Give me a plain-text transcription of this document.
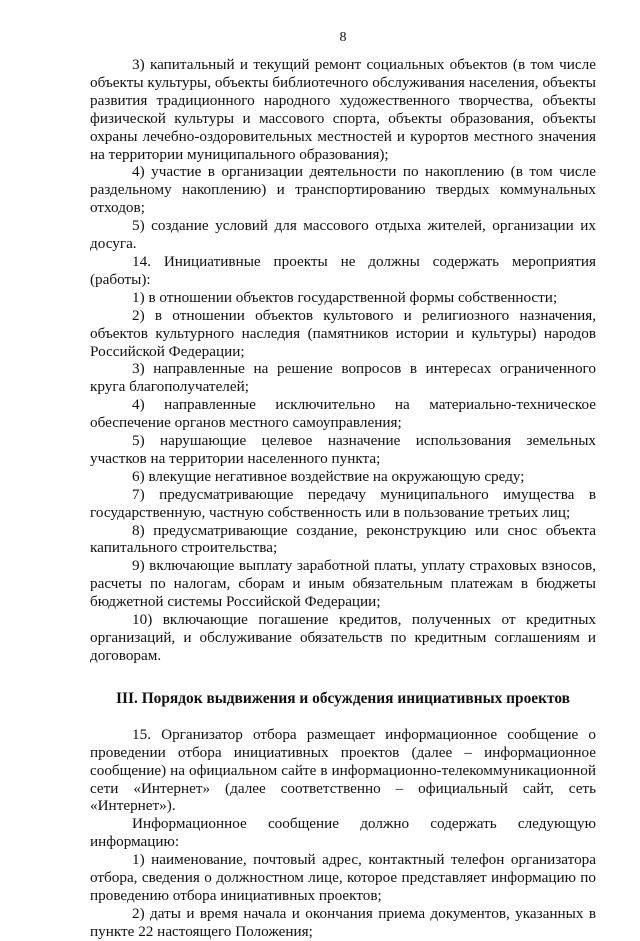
8

3) капитальный и текущий ремонт социальных объектов (в том числе объекты культуры, объекты библиотечного обслуживания населения, объекты развития традиционного народного художественного творчества, объекты физической культуры и массового спорта, объекты образования, объекты охраны лечебно-оздоровительных местностей и курортов местного значения на территории муниципального образования);

4) участие в организации деятельности по накоплению (в том числе раздельному накоплению) и транспортированию твердых коммунальных отходов;

5) создание условий для массового отдыха жителей, организации их досуга.

14. Инициативные проекты не должны содержать мероприятия (работы):

1) в отношении объектов государственной формы собственности;

2) в отношении объектов культового и религиозного назначения, объектов культурного наследия (памятников истории и культуры) народов Российской Федерации;

3) направленные на решение вопросов в интересах ограниченного круга благополучателей;

4) направленные исключительно на материально-техническое обеспечение органов местного самоуправления;

5) нарушающие целевое назначение использования земельных участков на территории населенного пункта;

6) влекущие негативное воздействие на окружающую среду;

7) предусматривающие передачу муниципального имущества в государственную, частную собственность или в пользование третьих лиц;

8) предусматривающие создание, реконструкцию или снос объекта капитального строительства;

9) включающие выплату заработной платы, уплату страховых взносов, расчеты по налогам, сборам и иным обязательным платежам в бюджеты бюджетной системы Российской Федерации;

10) включающие погашение кредитов, полученных от кредитных организаций, и обслуживание обязательств по кредитным соглашениям и договорам.

III. Порядок выдвижения и обсуждения инициативных проектов

15. Организатор отбора размещает информационное сообщение о проведении отбора инициативных проектов (далее – информационное сообщение) на официальном сайте в информационно-телекоммуникационной сети «Интернет» (далее соответственно – официальный сайт, сеть «Интернет»).

Информационное сообщение должно содержать следующую информацию:

1) наименование, почтовый адрес, контактный телефон организатора отбора, сведения о должностном лице, которое представляет информацию по проведению отбора инициативных проектов;

2) даты и время начала и окончания приема документов, указанных в пункте 22 настоящего Положения;
